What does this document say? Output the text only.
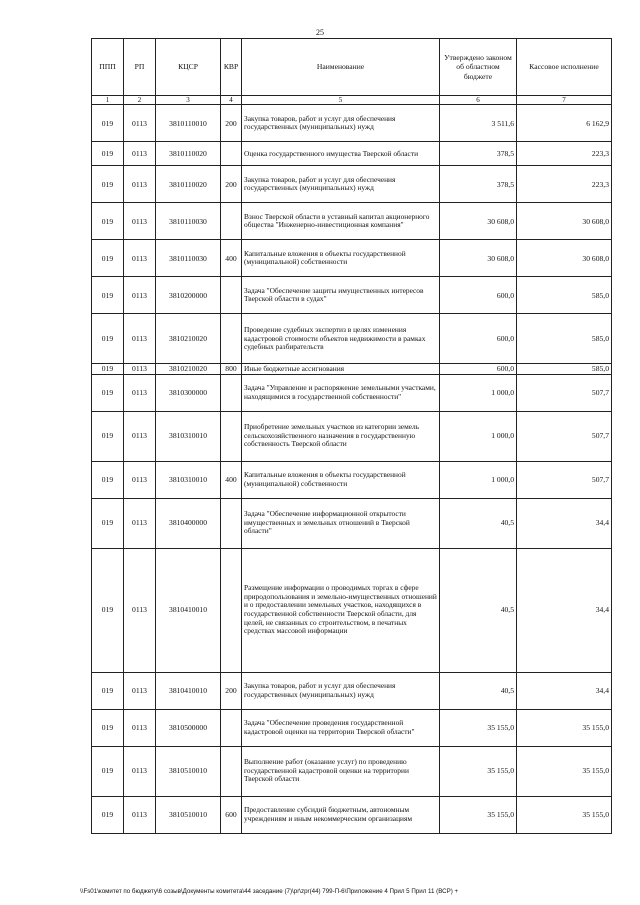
25
ППП	РП	КЦСР	КВР	Наименование	Утверждено законом об областном бюджете	Кассовое исполнение
1	2	3	4	5	6	7
019	0113	3810110010	200	Закупка товаров, работ и услуг для обеспечения государственных (муниципальных) нужд	3 511,6	6 162,9
019	0113	3810110020		Оценка государственного имущества Тверской области	378,5	223,3
019	0113	3810110020	200	Закупка товаров, работ и услуг для обеспечения государственных (муниципальных) нужд	378,5	223,3
019	0113	3810110030		Взнос Тверской области в уставный капитал акционерного общества "Инженерно-инвестиционная компания"	30 608,0	30 608,0
019	0113	3810110030	400	Капитальные вложения в объекты государственной (муниципальной) собственности	30 608,0	30 608,0
019	0113	3810200000		Задача "Обеспечение защиты имущественных интересов Тверской области в судах"	600,0	585,0
019	0113	3810210020		Проведение судебных экспертиз в целях изменения кадастровой стоимости объектов недвижимости в рамках судебных разбирательств	600,0	585,0
019	0113	3810210020	800	Иные бюджетные ассигнования	600,0	585,0
019	0113	3810300000		Задача "Управление и распоряжение земельными участками, находящимися в государственной собственности"	1 000,0	507,7
019	0113	3810310010		Приобретение земельных участков из категории земель сельскохозяйственного назначения в государственную собственность Тверской области	1 000,0	507,7
019	0113	3810310010	400	Капитальные вложения в объекты государственной (муниципальной) собственности	1 000,0	507,7
019	0113	3810400000		Задача "Обеспечение информационной открытости имущественных и земельных отношений в Тверской области"	40,5	34,4
019	0113	3810410010		Размещение информации о проводимых торгах в сфере природопользования и земельно-имущественных отношений и о предоставлении земельных участков, находящихся в государственной собственности Тверской области, для целей, не связанных со строительством, в печатных средствах массовой информации	40,5	34,4
019	0113	3810410010	200	Закупка товаров, работ и услуг для обеспечения государственных (муниципальных) нужд	40,5	34,4
019	0113	3810500000		Задача "Обеспечение проведения государственной кадастровой оценки на территории Тверской области"	35 155,0	35 155,0
019	0113	3810510010		Выполнение работ (оказание услуг) по проведению государственной кадастровой оценки на территории Тверской области	35 155,0	35 155,0
019	0113	3810510010	600	Предоставление субсидий бюджетным, автономным учреждениям и иным некоммерческим организациям	35 155,0	35 155,0
\\Fs01\комитет по бюджету\6 созыв\Документы комитета\44 заседание (7)\pr\zpr(44) 799-П-6\Приложение 4 Прил 5 Прил 11 (ВСР) +
